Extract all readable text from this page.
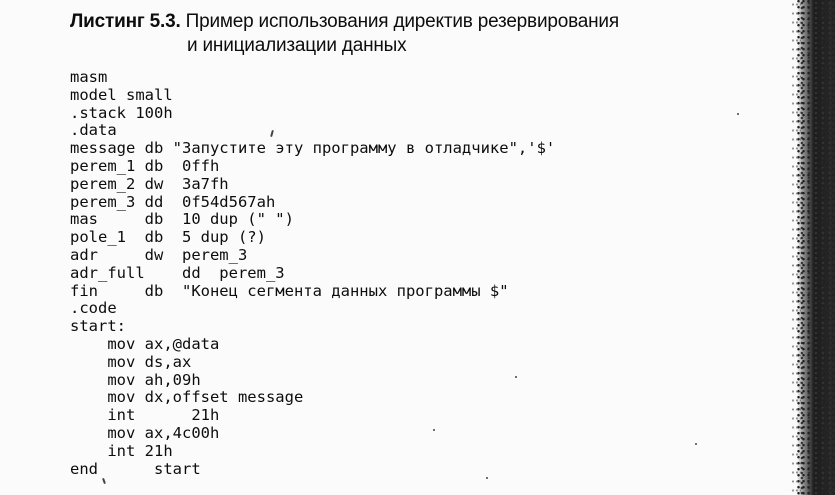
Листинг 5.3. Пример использования директив резервирования
и инициализации данных
masm
model small
.stack 100h
.data
message db "Запустите эту программу в отладчике",'$'
perem_1 db  0ffh
perem_2 dw  3a7fh
perem_3 dd  0f54d567ah
mas     db  10 dup (" ")
pole_1  db  5 dup (?)
adr     dw  perem_3
adr_full    dd  perem_3
fin     db  "Конец сегмента данных программы $"
.code
start:
mov ax,@data
mov ds,ax
mov ah,09h
mov dx,offset message
int      21h
mov ax,4c00h
int 21h
end      start
